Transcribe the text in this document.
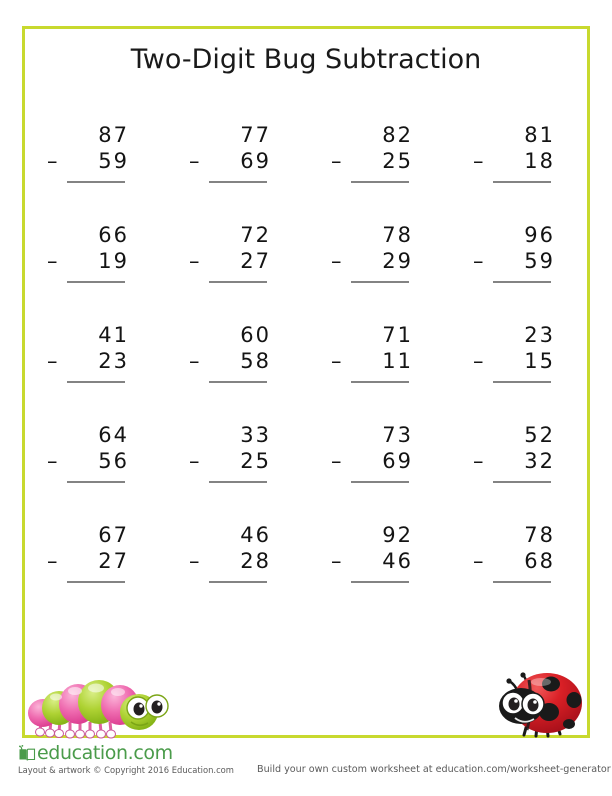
Two-Digit Bug Subtraction
87
–	59
77
–	69
82
–	25
81
–	18
66
–	19
72
–	27
78
–	29
96
–	59
41
–	23
60
–	58
71
–	11
23
–	15
64
–	56
33
–	25
73
–	69
52
–	32
67
–	27
46
–	28
92
–	46
78
–	68
education.com
Layout & artwork © Copyright 2016 Education.com Build your own custom worksheet at education.com/worksheet-generator
